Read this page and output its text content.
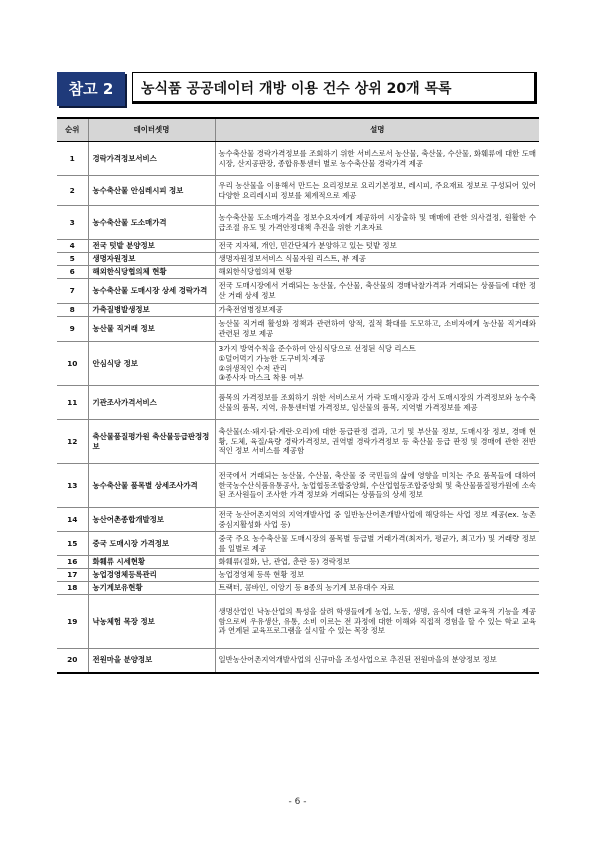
참고 2	농식품 공공데이터 개방 이용 건수 상위 20개 목록
순위	데이터셋명	설명
1	경락가격정보서비스	농수축산물 경락가격정보를 조회하기 위한 서비스로서 농산물, 축산물, 수산물, 화훼류에 대한 도매시장, 산지공판장, 종합유통센터 별로 농수축산물 경락가격 제공
2	농수축산물 안심레시피 정보	우리 농산물을 이용해서 만드는 요리정보로 요리기본정보, 레시피, 주요재료 정보로 구성되어 있어 다양한 요리레시피 정보를 체계적으로 제공
3	농수축산물 도소매가격	농수축산물 도소매가격을 정보수요자에게 제공하여 시장출하 및 매매에 관한 의사결정, 원활한 수급조절 유도 및 가격안정대책 추진을 위한 기초자료
4	전국 텃밭 분양정보	전국 지자체, 개인, 민간단체가 분양하고 있는 텃밭 정보
5	생명자원정보	생명자원정보서비스 식물자원 리스트, 뷰 제공
6	해외한식당협의체 현황	해외한식당협의체 현황
7	농수축산물 도매시장 상세 경락가격	전국 도매시장에서 거래되는 농산물, 수산물, 축산물의 경매낙찰가격과 거래되는 상품들에 대한 정산 거래 상세 정보
8	가축질병발생정보	가축전염병정보제공
9	농산물 직거래 정보	농산물 직거래 활성화 정책과 관련하여 양적, 질적 확대를 도모하고, 소비자에게 농산물 직거래와 관련된 정보 제공
10	안심식당 정보	3가지 방역수칙을 준수하여 안심식당으로 선정된 식당 리스트
①덜어먹기 가능한 도구비치·제공
②위생적인 수저 관리
③종사자 마스크 착용 여부
11	기관조사가격서비스	품목의 가격정보를 조회하기 위한 서비스로서 가락 도매시장과 강서 도매시장의 가격정보와 농수축산물의 품목, 지역, 유통센터별 가격정보, 임산물의 품목, 지역별 가격정보를 제공
12	축산물품질평가원 축산물등급판정정보	축산물(소·돼지·닭·계란·오리)에 대한 등급판정 결과, 고기 및 부산물 정보, 도매시장 정보, 경매 현황, 도체, 육질/육량 경락가격정보, 권역별 경락가격정보 등 축산물 등급 판정 및 경매에 관한 전반적인 정보 서비스를 제공함
13	농수축산물 품목별 상세조사가격	전국에서 거래되는 농산물, 수산물, 축산물 중 국민들의 삶에 영향을 미치는 주요 품목들에 대하여 한국농수산식품유통공사, 농업협동조합중앙회, 수산업협동조합중앙회 및 축산물품질평가원에 소속된 조사원들이 조사한 가격 정보와 거래되는 상품들의 상세 정보
14	농산어촌종합개발정보	전국 농산어촌지역의 지역개발사업 중 일반농산어촌개발사업에 해당하는 사업 정보 제공(ex. 농촌중심지활성화 사업 등)
15	중국 도매시장 가격정보	중국 주요 농수축산물 도매시장의 품목별 등급별 거래가격(최저가, 평균가, 최고가) 및 거래량 정보를 일별로 제공
16	화훼류 시세현황	화훼류(절화, 난, 관엽, 춘란 등) 경락정보
17	농업경영체등록관리	농업경영체 등록 현황 정보
18	농기계보유현황	트랙터, 콤바인, 이앙기 등 8종의 농기계 보유대수 자료
19	낙농체험 목장 정보	생명산업인 낙농산업의 특성을 살려 학생들에게 농업, 노동, 생명, 음식에 대한 교육적 기능을 제공함으로써 우유생산, 유통, 소비 이르는 전 과정에 대한 이해와 직접적 경험을 할 수 있는 학교 교육과 연계된 교육프로그램을 실시할 수 있는 목장 정보
20	전원마을 분양정보	일반농산어촌지역개발사업의 신규마을 조성사업으로 추진된 전원마을의 분양정보 정보
- 6 -
